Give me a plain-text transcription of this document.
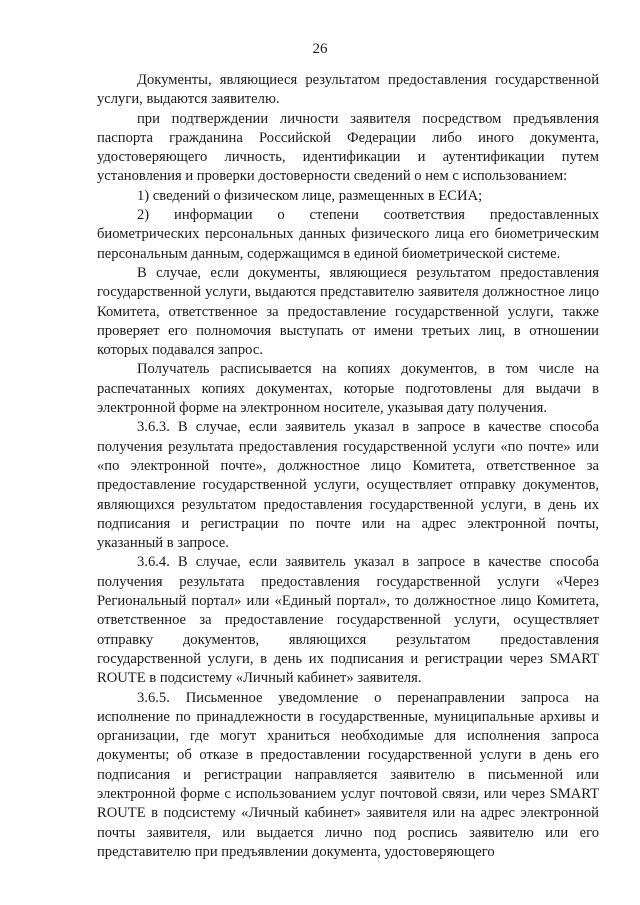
26

Документы, являющиеся результатом предоставления государственной услуги, выдаются заявителю.

при подтверждении личности заявителя посредством предъявления паспорта гражданина Российской Федерации либо иного документа, удостоверяющего личность, идентификации и аутентификации путем установления и проверки достоверности сведений о нем с использованием:

1) сведений о физическом лице, размещенных в ЕСИА;

2) информации о степени соответствия предоставленных биометрических персональных данных физического лица его биометрическим персональным данным, содержащимся в единой биометрической системе.

В случае, если документы, являющиеся результатом предоставления государственной услуги, выдаются представителю заявителя должностное лицо Комитета, ответственное за предоставление государственной услуги, также проверяет его полномочия выступать от имени третьих лиц, в отношении которых подавался запрос.

Получатель расписывается на копиях документов, в том числе на распечатанных копиях документах, которые подготовлены для выдачи в электронной форме на электронном носителе, указывая дату получения.

3.6.3. В случае, если заявитель указал в запросе в качестве способа получения результата предоставления государственной услуги «по почте» или «по электронной почте», должностное лицо Комитета, ответственное за предоставление государственной услуги, осуществляет отправку документов, являющихся результатом предоставления государственной услуги, в день их подписания и регистрации по почте или на адрес электронной почты, указанный в запросе.

3.6.4. В случае, если заявитель указал в запросе в качестве способа получения результата предоставления государственной услуги «Через Региональный портал» или «Единый портал», то должностное лицо Комитета, ответственное за предоставление государственной услуги, осуществляет отправку документов, являющихся результатом предоставления государственной услуги, в день их подписания и регистрации через SMART ROUTE в подсистему «Личный кабинет» заявителя.

3.6.5. Письменное уведомление о перенаправлении запроса на исполнение по принадлежности в государственные, муниципальные архивы и организации, где могут храниться необходимые для исполнения запроса документы; об отказе в предоставлении государственной услуги в день его подписания и регистрации направляется заявителю в письменной или электронной форме с использованием услуг почтовой связи, или через SMART ROUTE в подсистему «Личный кабинет» заявителя или на адрес электронной почты заявителя, или выдается лично под роспись заявителю или его представителю при предъявлении документа, удостоверяющего
